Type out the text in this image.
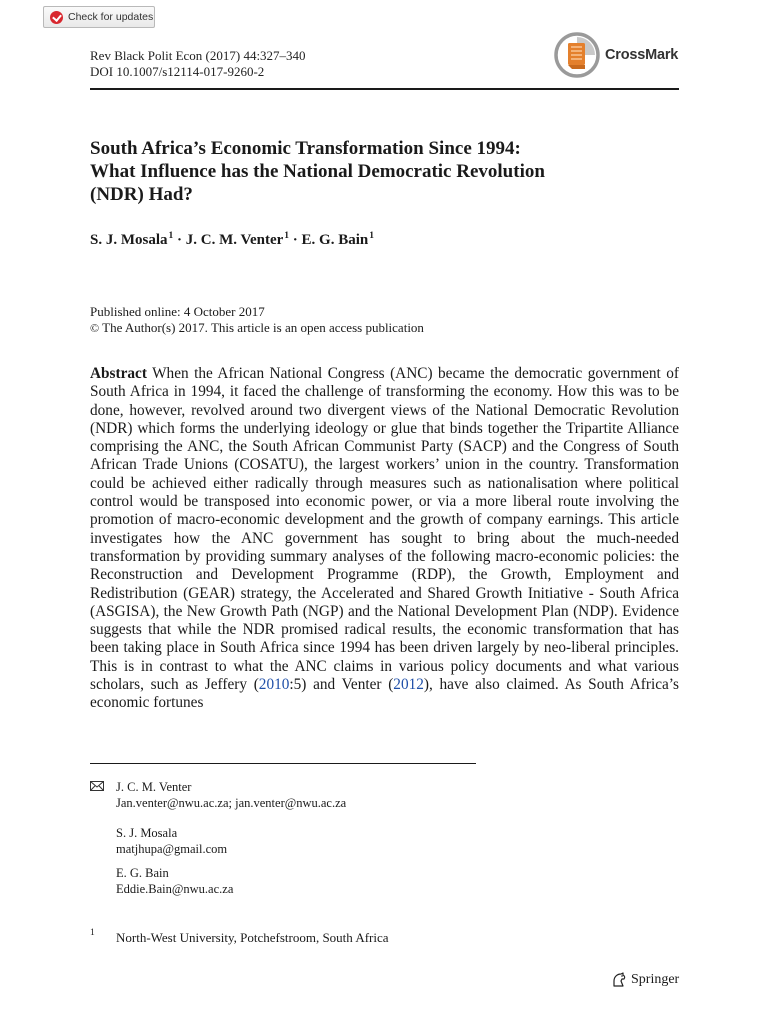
Check for updates
Rev Black Polit Econ (2017) 44:327–340
DOI 10.1007/s12114-017-9260-2
CrossMark
South Africa’s Economic Transformation Since 1994:
What Influence has the National Democratic Revolution
(NDR) Had?
S. J. Mosala$^1$ · J. C. M. Venter$^1$ · E. G. Bain$^1$
Published online: 4 October 2017
© The Author(s) 2017. This article is an open access publication
Abstract When the African National Congress (ANC) became the democratic government of South Africa in 1994, it faced the challenge of transforming the economy. How this was to be done, however, revolved around two divergent views of the National Democratic Revolution (NDR) which forms the underlying ideology or glue that binds together the Tripartite Alliance comprising the ANC, the South African Communist Party (SACP) and the Congress of South African Trade Unions (COSATU), the largest workers’ union in the country. Transformation could be achieved either radically through measures such as nationalisation where political control would be transposed into economic power, or via a more liberal route involving the promotion of macro-economic development and the growth of company earnings. This article investigates how the ANC government has sought to bring about the much-needed transformation by providing summary analyses of the following macro-economic policies: the Reconstruction and Development Programme (RDP), the Growth, Employment and Redistribution (GEAR) strategy, the Accelerated and Shared Growth Initiative - South Africa (ASGISA), the New Growth Path (NGP) and the National Development Plan (NDP). Evidence suggests that while the NDR promised radical results, the economic transformation that has been taking place in South Africa since 1994 has been driven largely by neo-liberal principles. This is in contrast to what the ANC claims in various policy documents and what various scholars, such as Jeffery (2010:5) and Venter (2012), have also claimed. As South Africa’s economic fortunes
J. C. M. Venter
Jan.venter@nwu.ac.za; jan.venter@nwu.ac.za
S. J. Mosala
matjhupa@gmail.com
E. G. Bain
Eddie.Bain@nwu.ac.za
1 North-West University, Potchefstroom, South Africa
Springer
